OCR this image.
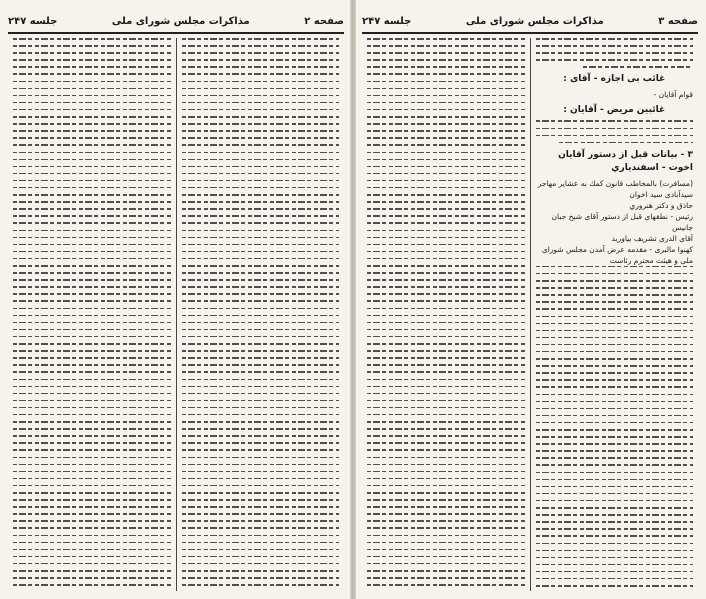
صفحه ۲
مذاكرات مجلس شوراى ملى
جلسه ۲۴۷	صفحه ۳
مذاكرات مجلس شوراى ملى
جلسه ۲۴۷
غائب بى اجازه - آقاى :
قوام آقايان -
غائبين مريض - آقايان :
۳ - بيانات قبل از دستور آقايان اخوت - اسفندياري
(مسافرت) بالمخاطب قانون كمك به عشاير مهاجر سيدآبادى سيد اخوان
حاذق و دكتر هنروري
رئيس - نطقهاى قبل از دستور آقاى شيخ جبان جانيس
آقاى الدرى تشريف بياوريد
كهنوا مالبرى - مقدمه عرض آمدن مجلس شوراى
ملى و هيئت محترم رئاست
